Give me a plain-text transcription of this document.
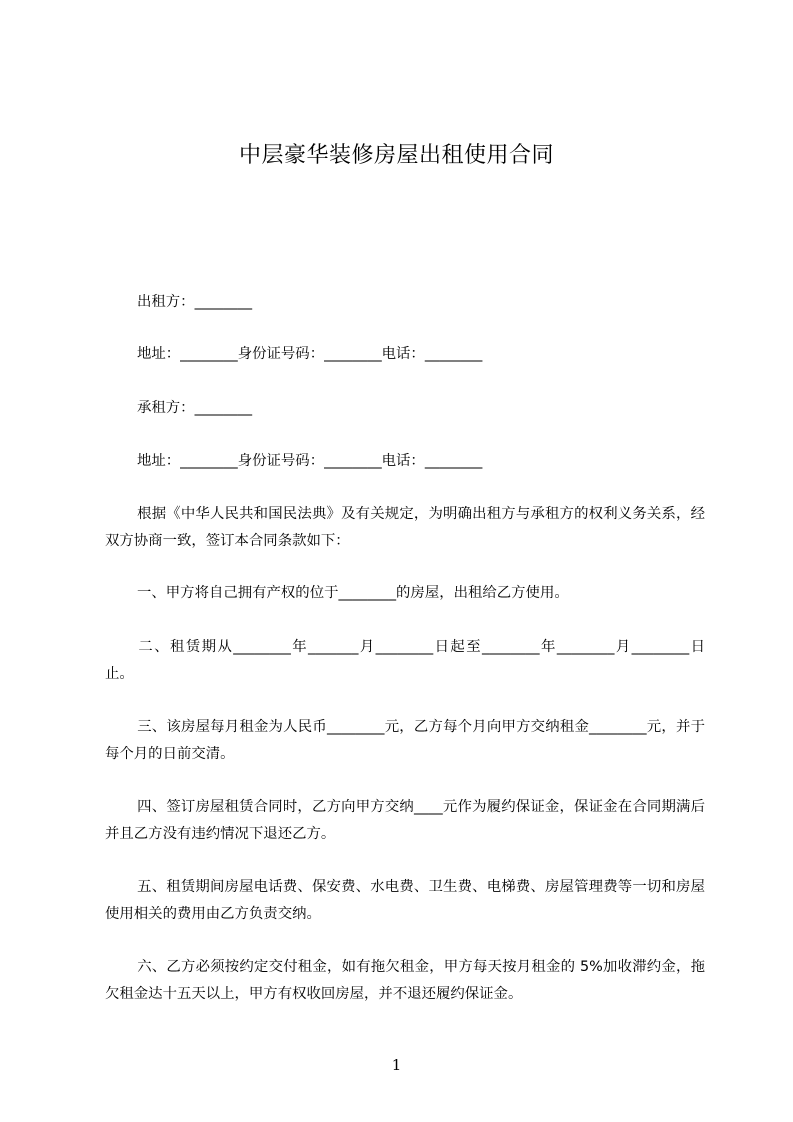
中层豪华装修房屋出租使用合同
出租方：________
地址：________身份证号码：________电话：________
承租方：________
地址：________身份证号码：________电话：________
根据《中华人民共和国民法典》及有关规定，为明确出租方与承租方的权利义务关系，经双方协商一致，签订本合同条款如下：
一、甲方将自己拥有产权的位于________的房屋，出租给乙方使用。
二、租赁期从________年_______月________日起至________年________月________日止。
三、该房屋每月租金为人民币________元，乙方每个月向甲方交纳租金________元，并于每个月的日前交清。
四、签订房屋租赁合同时，乙方向甲方交纳____元作为履约保证金，保证金在合同期满后并且乙方没有违约情况下退还乙方。
五、租赁期间房屋电话费、保安费、水电费、卫生费、电梯费、房屋管理费等一切和房屋使用相关的费用由乙方负责交纳。
六、乙方必须按约定交付租金，如有拖欠租金，甲方每天按月租金的 5%加收滞约金，拖欠租金达十五天以上，甲方有权收回房屋，并不退还履约保证金。
1
